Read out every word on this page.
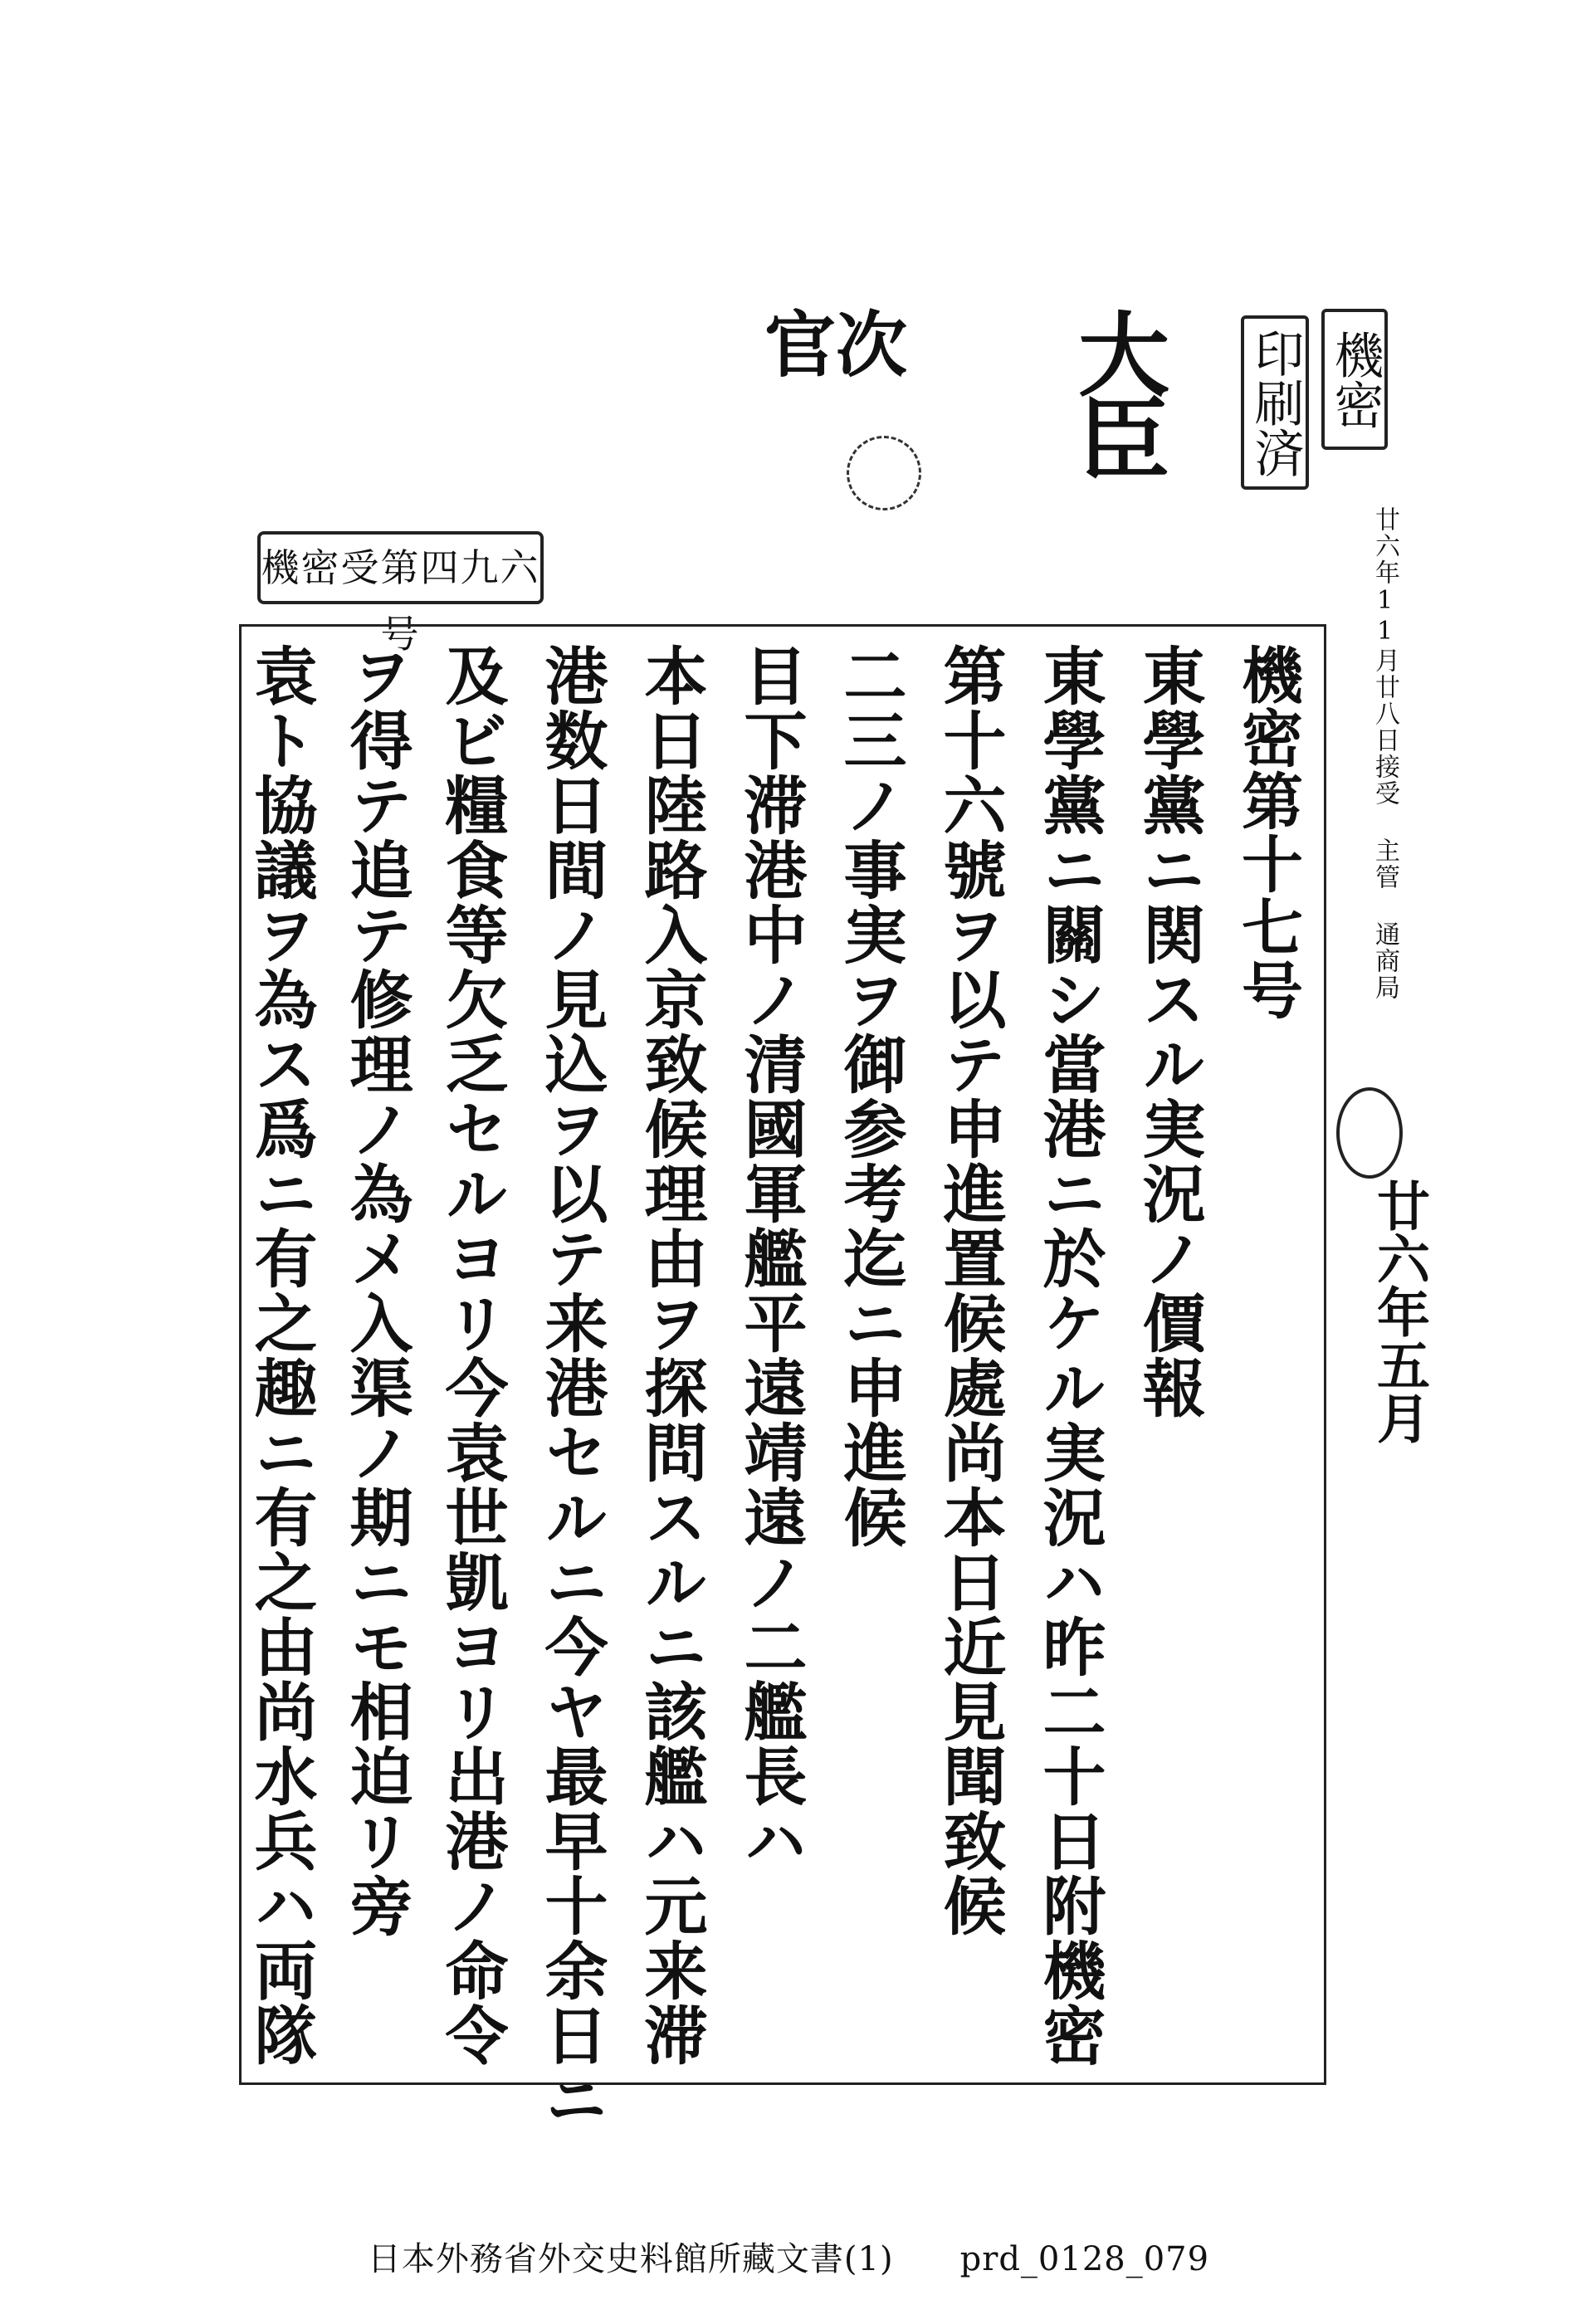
機密
印刷済
大臣
次官
機密受第四九六号	廿六年11月廿八日接受 主管 通商局
廿六年五月
機密第十七号
東學黨ニ関スル実況ノ價報
東學黨ニ關シ當港ニ於ケル実況ハ昨二十日附機密
第十六號ヲ以テ申進置候處尚本日近見聞致候
二三ノ事実ヲ御参考迄ニ申進候
目下滞港中ノ清國軍艦平遠靖遠ノ二艦長ハ
本日陸路入京致候理由ヲ探問スルニ該艦ハ元来滞
港数日間ノ見込ヲ以テ来港セルニ今ヤ最早十余日ニ
及ビ糧食等欠乏セルヨリ今袁世凱ヨリ出港ノ命令
ヲ得テ追テ修理ノ為メ入渠ノ期ニモ相迫リ旁
袁ト協議ヲ為ス爲ニ有之趣ニ有之由尚水兵ハ両隊
日本外務省外交史料館所藏文書(1) prd_0128_079
